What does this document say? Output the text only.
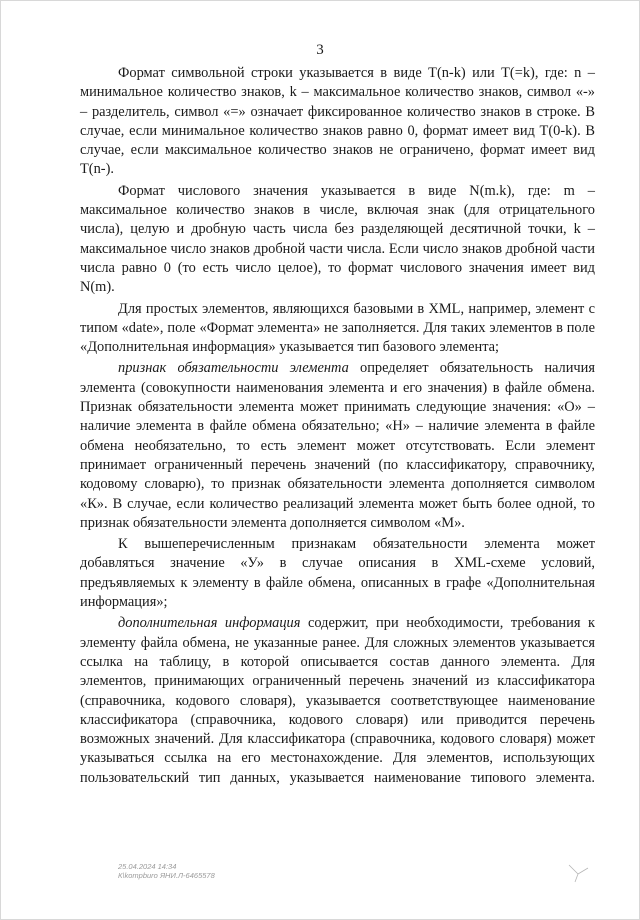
3

Формат символьной строки указывается в виде T(n-k) или T(=k), где: n – минимальное количество знаков, k – максимальное количество знаков, символ «-» – разделитель, символ «=» означает фиксированное количество знаков в строке. В случае, если минимальное количество знаков равно 0, формат имеет вид T(0-k). В случае, если максимальное количество знаков не ограничено, формат имеет вид T(n-).

Формат числового значения указывается в виде N(m.k), где: m – максимальное количество знаков в числе, включая знак (для отрицательного числа), целую и дробную часть числа без разделяющей десятичной точки, k – максимальное число знаков дробной части числа. Если число знаков дробной части числа равно 0 (то есть число целое), то формат числового значения имеет вид N(m).

Для простых элементов, являющихся базовыми в XML, например, элемент с типом «date», поле «Формат элемента» не заполняется. Для таких элементов в поле «Дополнительная информация» указывается тип базового элемента;

признак обязательности элемента определяет обязательность наличия элемента (совокупности наименования элемента и его значения) в файле обмена. Признак обязательности элемента может принимать следующие значения: «О» – наличие элемента в файле обмена обязательно; «Н» – наличие элемента в файле обмена необязательно, то есть элемент может отсутствовать. Если элемент принимает ограниченный перечень значений (по классификатору, справочнику, кодовому словарю), то признак обязательности элемента дополняется символом «К». В случае, если количество реализаций элемента может быть более одной, то признак обязательности элемента дополняется символом «М».

К вышеперечисленным признакам обязательности элемента может добавляться значение «У» в случае описания в XML-схеме условий, предъявляемых к элементу в файле обмена, описанных в графе «Дополнительная информация»;

дополнительная информация содержит, при необходимости, требования к элементу файла обмена, не указанные ранее. Для сложных элементов указывается ссылка на таблицу, в которой описывается состав данного элемента. Для элементов, принимающих ограниченный перечень значений из классификатора (справочника, кодового словаря), указывается соответствующее наименование классификатора (справочника, кодового словаря) или приводится перечень возможных значений. Для классификатора (справочника, кодового словаря) может указываться ссылка на его местонахождение. Для элементов, использующих пользовательский тип данных, указывается наименование типового элемента.

25.04.2024 14:34
К\kompburo ЯНИ.Л-6465578
